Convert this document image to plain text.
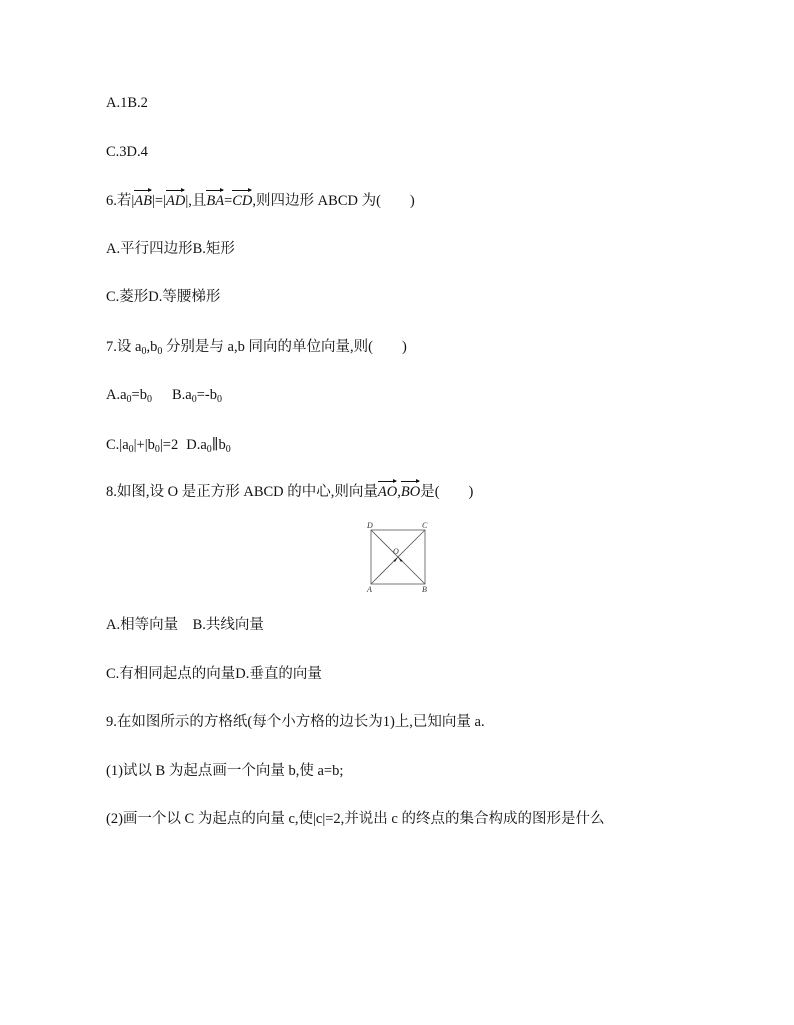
A.1B.2
C.3D.4
6.若|AB|=|AD|,且BA=CD,则四边形 ABCD 为(　　)
A.平行四边形B.矩形
C.菱形D.等腰梯形
7.设 $a_0,b_0$ 分别是与 a,b 同向的单位向量,则(　　)
$A.a_0=b_0$ $B.a_0=-b_0$
$C.|a_0|+|b_0|=2$ $D.a_0\parallel b_0$
8.如图,设 O 是正方形 ABCD 的中心,则向量AO,BO是(　　)
D	C
O
A	B
A.相等向量　B.共线向量
C.有相同起点的向量D.垂直的向量
9.在如图所示的方格纸(每个小方格的边长为1)上,已知向量 a.
(1)试以 B 为起点画一个向量 b,使 a=b;
(2)画一个以 C 为起点的向量 c,使|c|=2,并说出 c 的终点的集合构成的图形是什么
